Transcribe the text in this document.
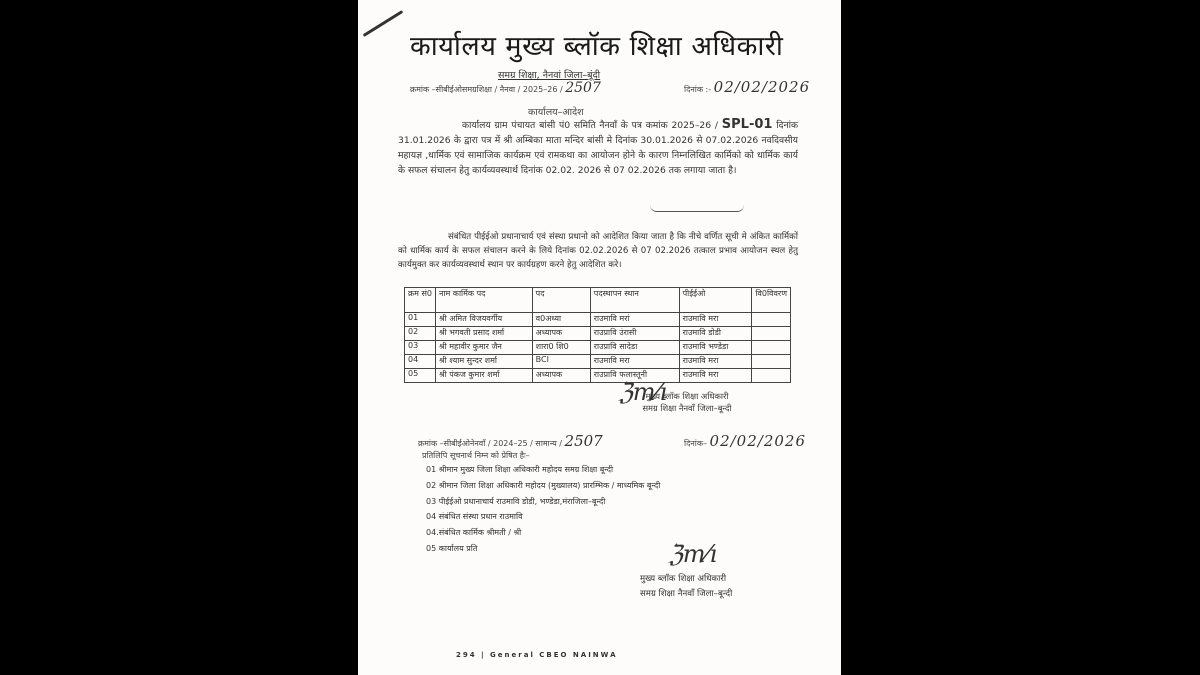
कार्यालय मुख्य ब्लॉक शिक्षा अधिकारी
समग्र शिक्षा, नैनवां जिला–बूंदी
क्रमांक –सीबीईओसमग्रशिक्षा / नैनवा / 2025–26 / 2507	दिनांक :- 02/02/2026
कार्यालय–आदेश
कार्यालय ग्राम पंचायत बांसी पं0 समिति नैनवाँ के पत्र कमांक 2025–26 / SPL-01 दिनांक 31.01.2026 के द्वारा पत्र में श्री अम्बिका माता मन्दिर बांसी मे दिनांक 30.01.2026 से 07.02.2026 नवदिवसीय महायज्ञ ,धार्मिक एवं सामाजिक कार्यक्रम एवं रामकथा का आयोजन होने के कारण निम्नलिखित कार्मिको को धार्मिक कार्य के सफल संचालन हेतु कार्यव्यवस्थार्थ दिनांक 02.02. 2026 से 07 02.2026 तक लगाया जाता है।
संबंधित पीईईओ प्रधानाचार्य एवं संस्था प्रधानो को आदेशित किया जाता है कि नीचे वर्णित सूची मे अंकित कार्मिकों को धार्मिक कार्य के सफल संचालन करने के लिये दिनांक 02.02.2026 से 07 02.2026 तत्काल प्रभाव आयोजन स्थल हेतु कार्यमुक्त कर कार्यव्यवस्थार्थ स्थान पर कार्यग्रहण करने हेतु आदेशित करे।
क्रम सं0	नाम कार्मिक पद	पद	पदस्थापन स्थान	पीईईओ	वि0विवरण
01	श्री अमित विजयवर्गीय	व0अध्या	राउमावि मरां	राउमावि मरा	
02	श्री भगवती प्रसाद शर्मा	अध्यापक	राउप्रावि उंरासी	राउमावि डोडी	
03	श्री महावीर कुमार जैन	शारा0 शि0	राउप्रावि सादेडा	राउमावि भण्डेडा	
04	श्री श्याम सुन्दर शर्मा	BCI	राउमावि मरा	राउमावि मरा	
05	श्री पंकज कुमार शर्मा	अध्यापक	राउप्रावि फलास्तूनी	राउमावि मरा	
ℨm⁄ı
मुख्य ब्लॉक शिक्षा अधिकारी
समग्र शिक्षा नैनवॉं जिला–बून्दी
क्रमांक –सीबीईओनेनवॉं / 2024–25 / सामान्य / 2507	दिनांक– 02/02/2026
प्रतिलिपि सूचनार्थ निम्न को प्रेषित हैः–
01 श्रीमान मुख्य जिला शिक्षा अधिकारी महोदय समग्र शिक्षा बून्दी
02 श्रीमान जिला शिक्षा अधिकारी महोदय (मुख्यालय) प्रारम्भिक / माध्यमिक बून्दी
03 पीईईओ प्रधानाचार्य राउमावि डोडी, भण्डेडा,मंराजिला–बून्दी
04 संबंधित संस्था प्रधान राउमावि
04.संबंधित कार्मिक श्रीमती / श्री
05 कार्यालय प्रति	ℨm⁄ı
मुख्य ब्लॉक शिक्षा अधिकारी
समग्र शिक्षा नैनवॉं जिला–बून्दी
294 | General CBEO NAINWA
